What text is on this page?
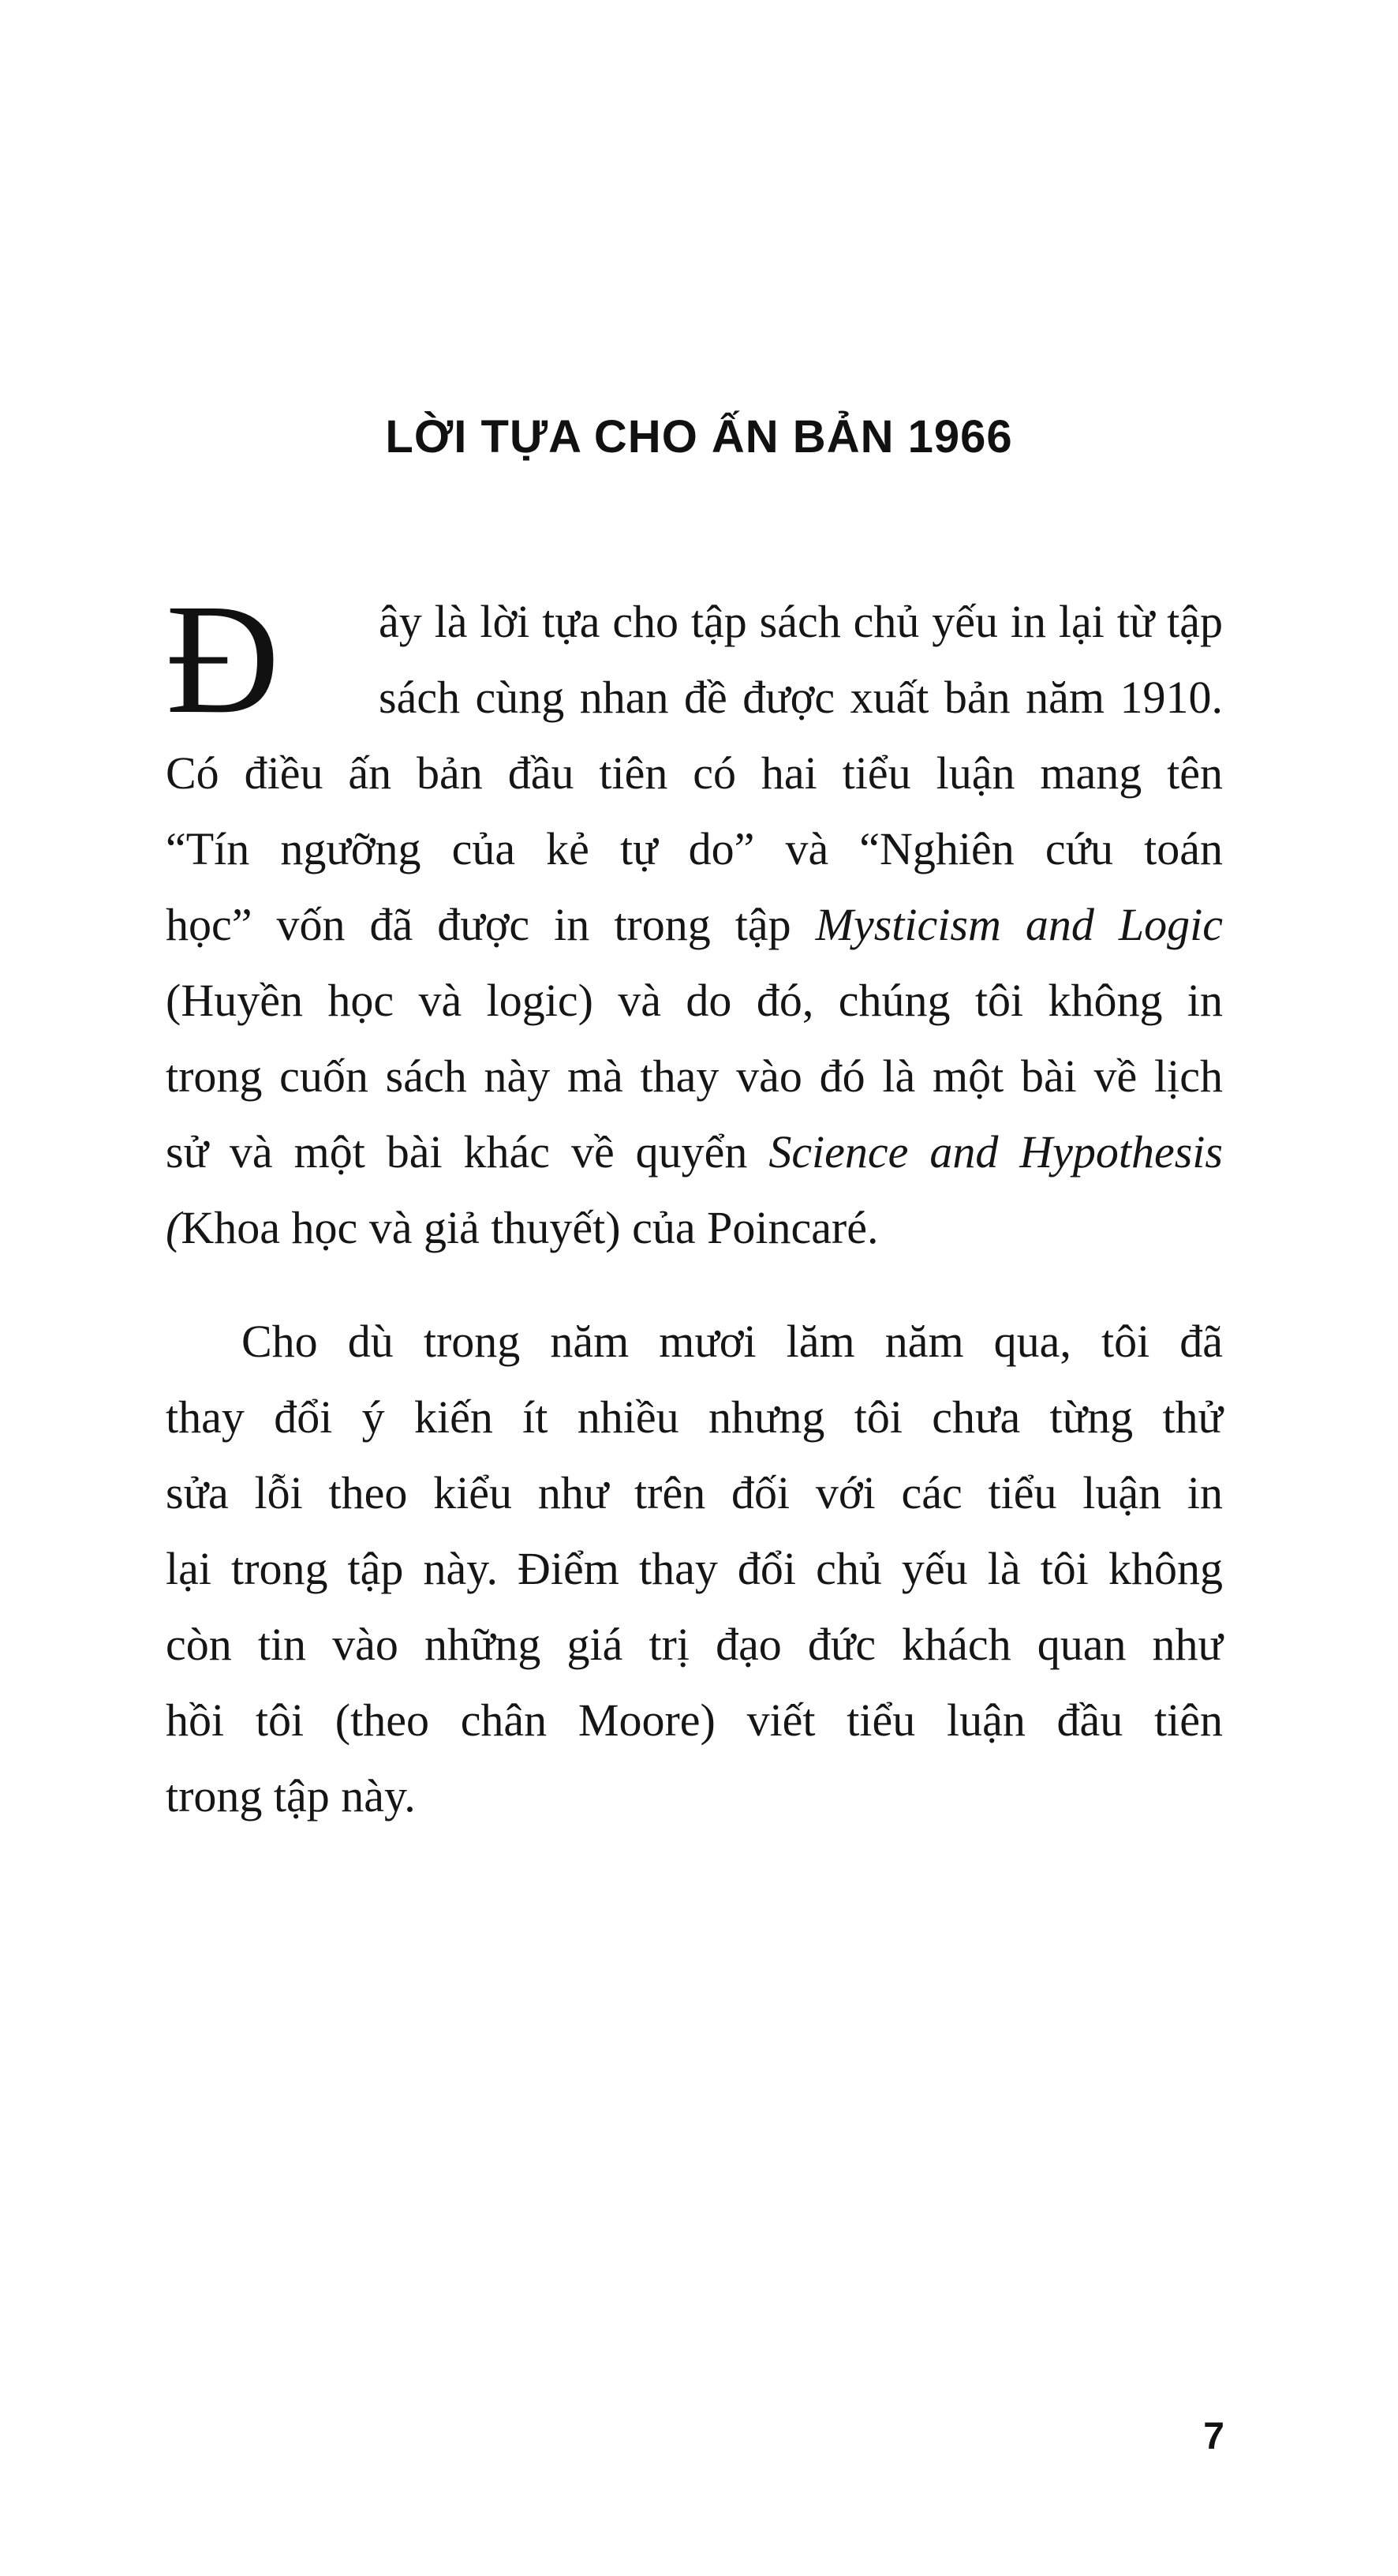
LỜI TỰA CHO ẤN BẢN 1966
Đ	ây là lời tựa cho tập sách chủ yếu in lại từ tập
sách cùng nhan đề được xuất bản năm 1910.
Có điều ấn bản đầu tiên có hai tiểu luận mang tên
“Tín ngưỡng của kẻ tự do” và “Nghiên cứu toán
học” vốn đã được in trong tập Mysticism and Logic
(Huyền học và logic) và do đó, chúng tôi không in
trong cuốn sách này mà thay vào đó là một bài về lịch
sử và một bài khác về quyển Science and Hypothesis
(Khoa học và giả thuyết) của Poincaré.
Cho dù trong năm mươi lăm năm qua, tôi đã
thay đổi ý kiến ít nhiều nhưng tôi chưa từng thử
sửa lỗi theo kiểu như trên đối với các tiểu luận in
lại trong tập này. Điểm thay đổi chủ yếu là tôi không
còn tin vào những giá trị đạo đức khách quan như
hồi tôi (theo chân Moore) viết tiểu luận đầu tiên
trong tập này.
7
